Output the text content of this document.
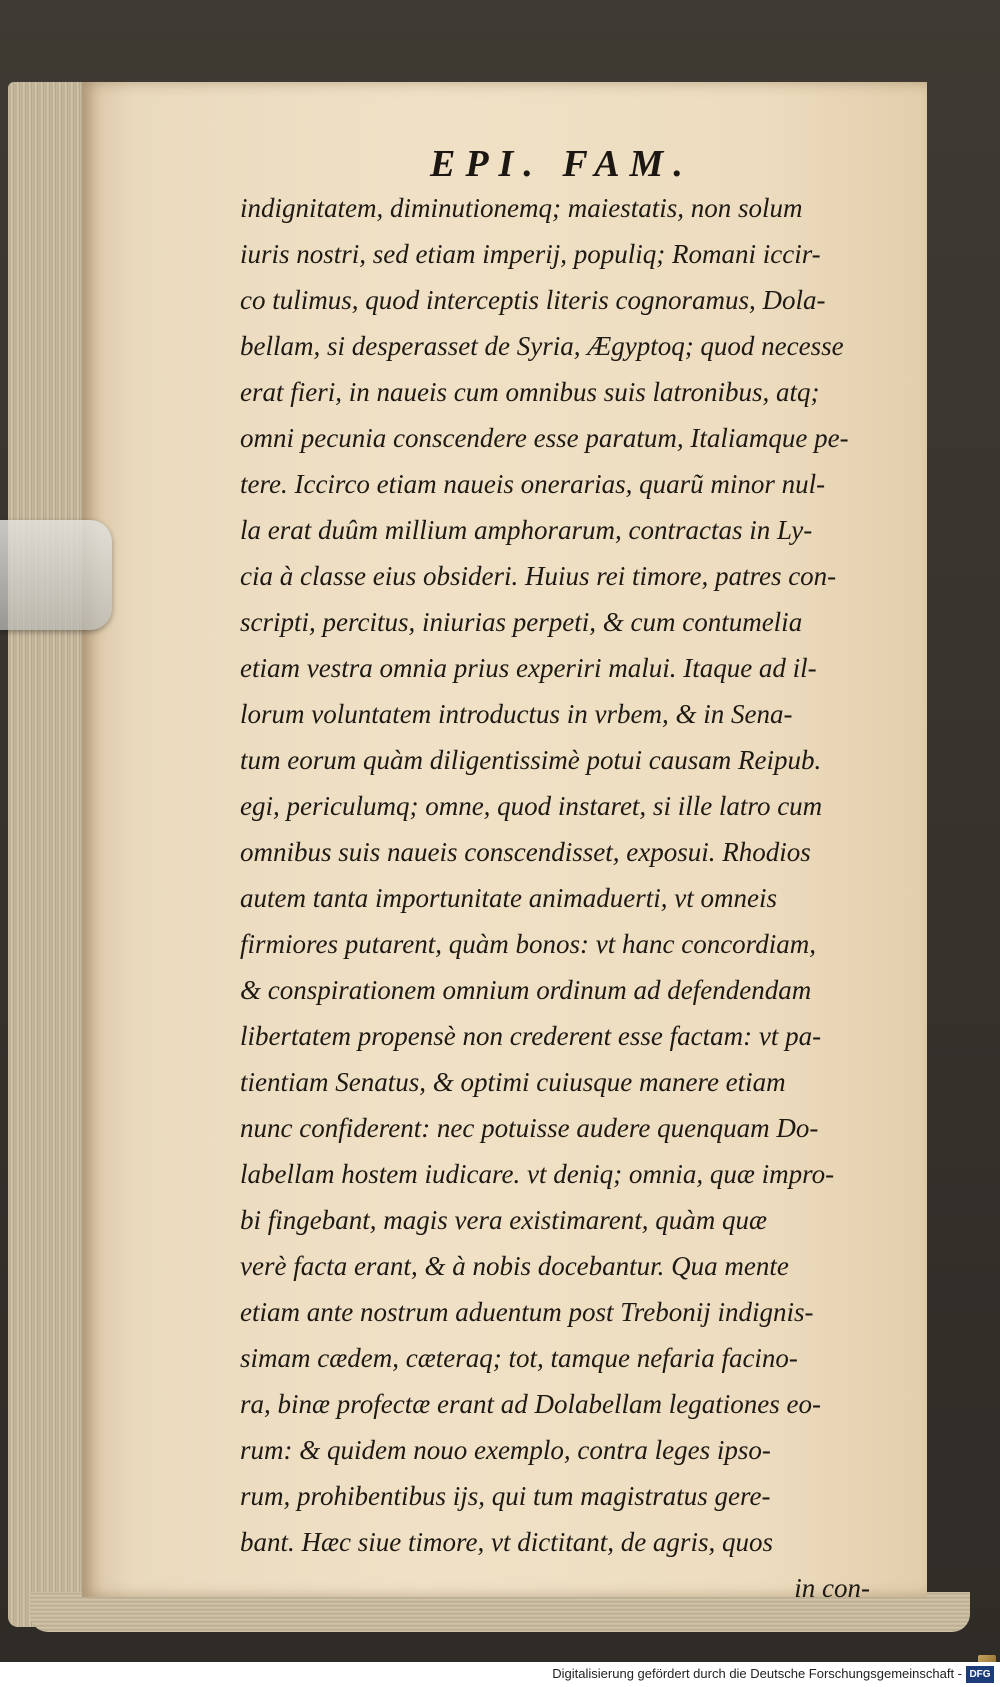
EPI. FAM.

indignitatem, diminutionemq; maiestatis, non solum

iuris nostri, sed etiam imperij, populiq; Romani iccir-

co tulimus, quod interceptis literis cognoramus, Dola-

bellam, si desperasset de Syria, Ægyptoq; quod necesse

erat fieri, in naueis cum omnibus suis latronibus, atq;

omni pecunia conscendere esse paratum, Italiamque pe-

tere. Iccirco etiam naueis onerarias, quarũ minor nul-

la erat duûm millium amphorarum, contractas in Ly-

cia à classe eius obsideri. Huius rei timore, patres con-

scripti, percitus, iniurias perpeti, & cum contumelia

etiam vestra omnia prius experiri malui. Itaque ad il-

lorum voluntatem introductus in vrbem, & in Sena-

tum eorum quàm diligentissimè potui causam Reipub.

egi, periculumq; omne, quod instaret, si ille latro cum

omnibus suis naueis conscendisset, exposui. Rhodios

autem tanta importunitate animaduerti, vt omneis

firmiores putarent, quàm bonos: vt hanc concordiam,

& conspirationem omnium ordinum ad defendendam

libertatem propensè non crederent esse factam: vt pa-

tientiam Senatus, & optimi cuiusque manere etiam

nunc confiderent: nec potuisse audere quenquam Do-

labellam hostem iudicare. vt deniq; omnia, quæ impro-

bi fingebant, magis vera existimarent, quàm quæ

verè facta erant, & à nobis docebantur. Qua mente

etiam ante nostrum aduentum post Trebonij indignis-

simam cædem, cæteraq; tot, tamque nefaria facino-

ra, binæ profectæ erant ad Dolabellam legationes eo-

rum: & quidem nouo exemplo, contra leges ipso-

rum, prohibentibus ijs, qui tum magistratus gere-

bant. Hæc siue timore, vt dictitant, de agris, quos

in con-

Digitalisierung gefördert durch die Deutsche Forschungsgemeinschaft - DFG
